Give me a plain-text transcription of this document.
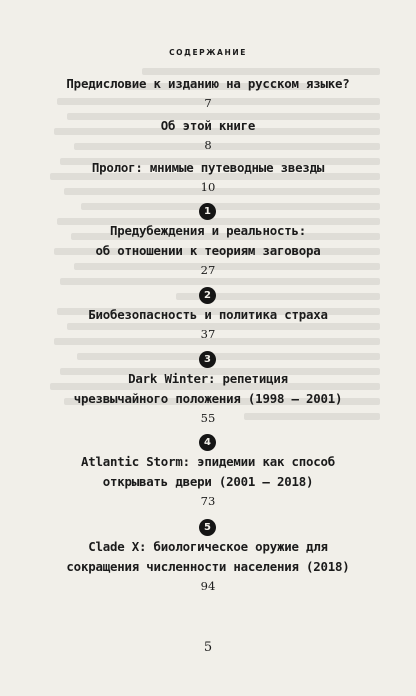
СОДЕРЖАНИЕ
Предисловие к изданию на русском языке?
7
Об этой книге
8
Пролог: мнимые путеводные звезды
10
1
Предубеждения и реальность:
об отношении к теориям заговора
27
2
Биобезопасность и политика страха
37
3
Dark Winter: репетиция
чрезвычайного положения (1998 – 2001)
55
4
Atlantic Storm: эпидемии как способ
открывать двери (2001 – 2018)
73
5
Clade X: биологическое оружие для
сокращения численности населения (2018)
94
5
